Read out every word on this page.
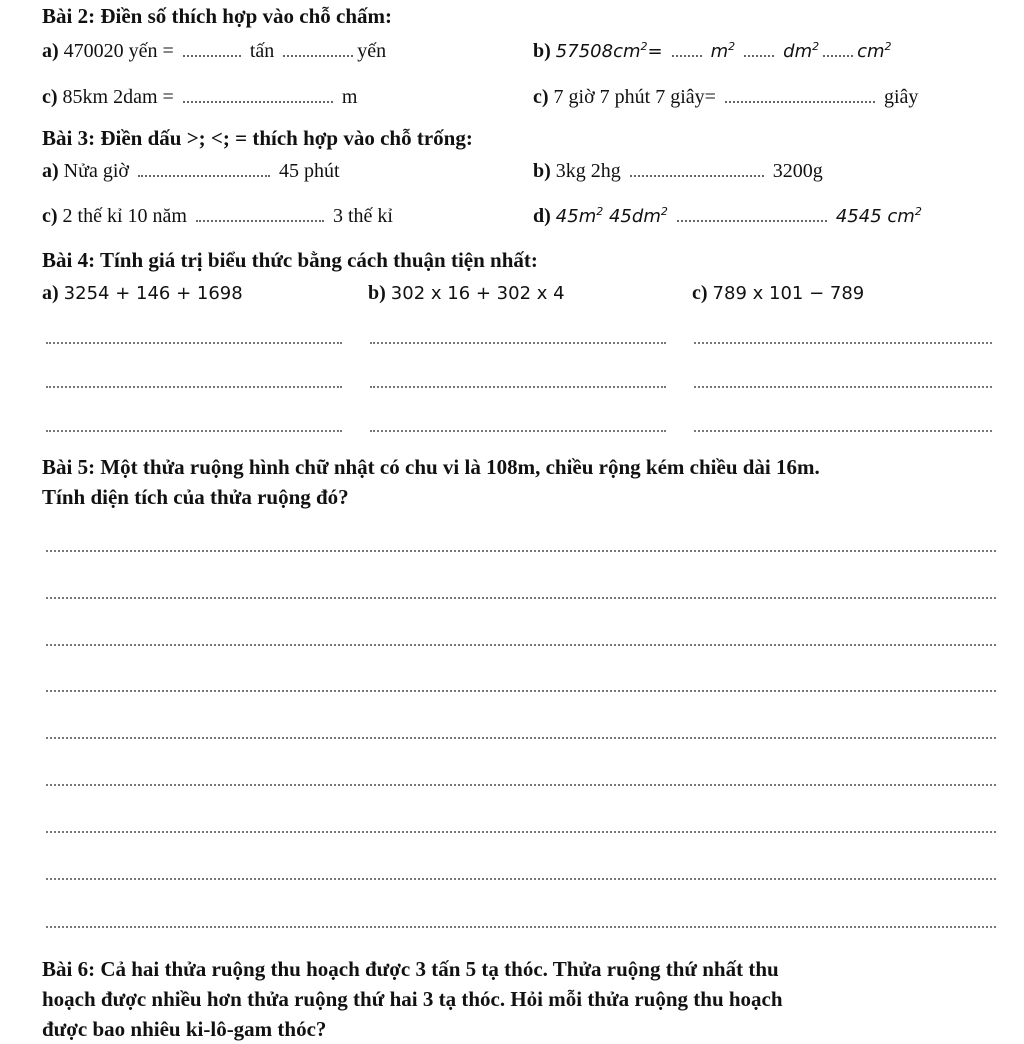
Bài 2: Điền số thích hợp vào chỗ chấm:
a) 470020 yến =	tấn	yến	b) $57508cm^2=$	$m^2$	$dm^2$ $cm^2$
c) 85km 2dam =	m	c) 7 giờ 7 phút 7 giây=	giây
Bài 3: Điền dấu >; <; = thích hợp vào chỗ trống:
a) Nửa giờ	45 phút	b) 3kg 2hg	3200g
c) 2 thế kỉ 10 năm	3 thế kỉ	d) $45m^2$ $45dm^2$	4545 $cm^2$
Bài 4: Tính giá trị biểu thức bằng cách thuận tiện nhất:
a) 3254 + 146 + 1698	b) 302 x 16 + 302 x 4	c) 789 x 101 − 789
Bài 5: Một thửa ruộng hình chữ nhật có chu vi là 108m, chiều rộng kém chiều dài 16m.
Tính diện tích của thửa ruộng đó?
Bài 6: Cả hai thửa ruộng thu hoạch được 3 tấn 5 tạ thóc. Thửa ruộng thứ nhất thu
hoạch được nhiều hơn thửa ruộng thứ hai 3 tạ thóc. Hỏi mỗi thửa ruộng thu hoạch
được bao nhiêu ki-lô-gam thóc?
